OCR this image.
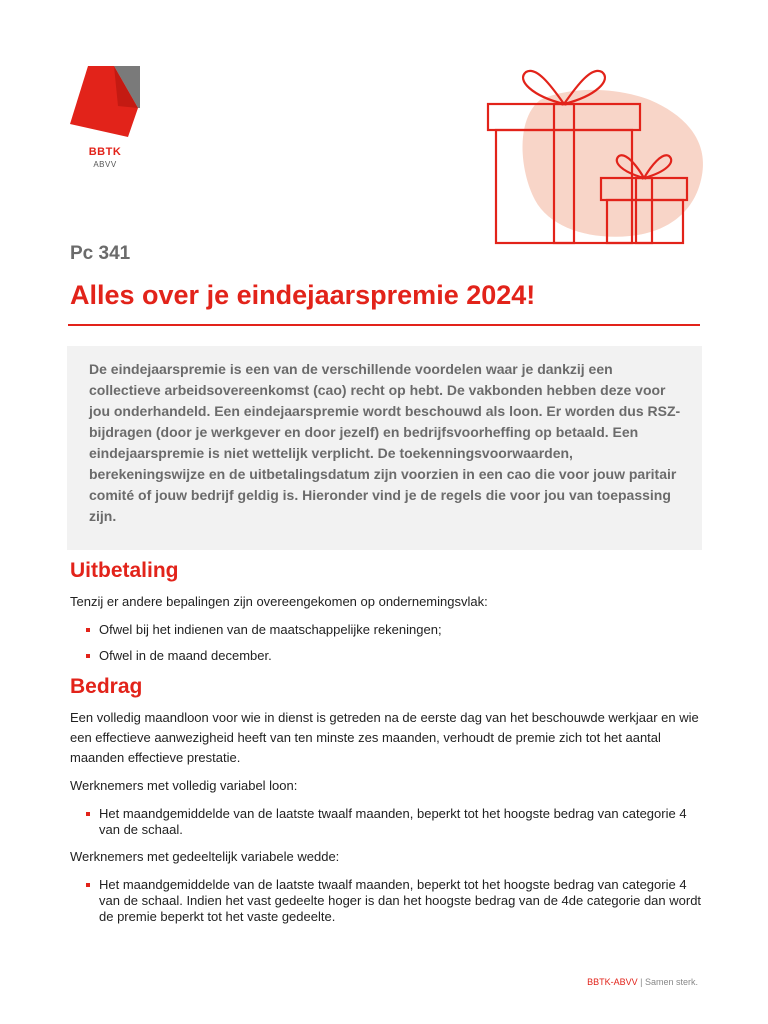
BBTK
ABVV
Pc 341
Alles over je eindejaarspremie 2024!

De eindejaarspremie is een van de verschillende voordelen waar je dankzij een collectieve arbeidsovereenkomst (cao) recht op hebt. De vakbonden hebben deze voor jou onderhandeld. Een eindejaarspremie wordt beschouwd als loon. Er worden dus RSZ-bijdragen (door je werkgever en door jezelf) en bedrijfsvoorheffing op betaald. Een eindejaarspremie is niet wettelijk verplicht. De toekenningsvoorwaarden, berekeningswijze en de uitbetalingsdatum zijn voorzien in een cao die voor jouw paritair comité of jouw bedrijf geldig is. Hieronder vind je de regels die voor jou van toepassing zijn.

Uitbetaling

Tenzij er andere bepalingen zijn overeengekomen op ondernemingsvlak:

Ofwel bij het indienen van de maatschappelijke rekeningen;
Ofwel in de maand december.
Bedrag

Een volledig maandloon voor wie in dienst is getreden na de eerste dag van het beschouwde werkjaar en wie een effectieve aanwezigheid heeft van ten minste zes maanden, verhoudt de premie zich tot het aantal maanden effectieve prestatie.

Werknemers met volledig variabel loon:

Het maandgemiddelde van de laatste twaalf maanden, beperkt tot het hoogste bedrag van categorie 4 van de schaal.

Werknemers met gedeeltelijk variabele wedde:

Het maandgemiddelde van de laatste twaalf maanden, beperkt tot het hoogste bedrag van categorie 4 van de schaal. Indien het vast gedeelte hoger is dan het hoogste bedrag van de 4de categorie dan wordt de premie beperkt tot het vaste gedeelte.
BBTK-ABVV | Samen sterk.
